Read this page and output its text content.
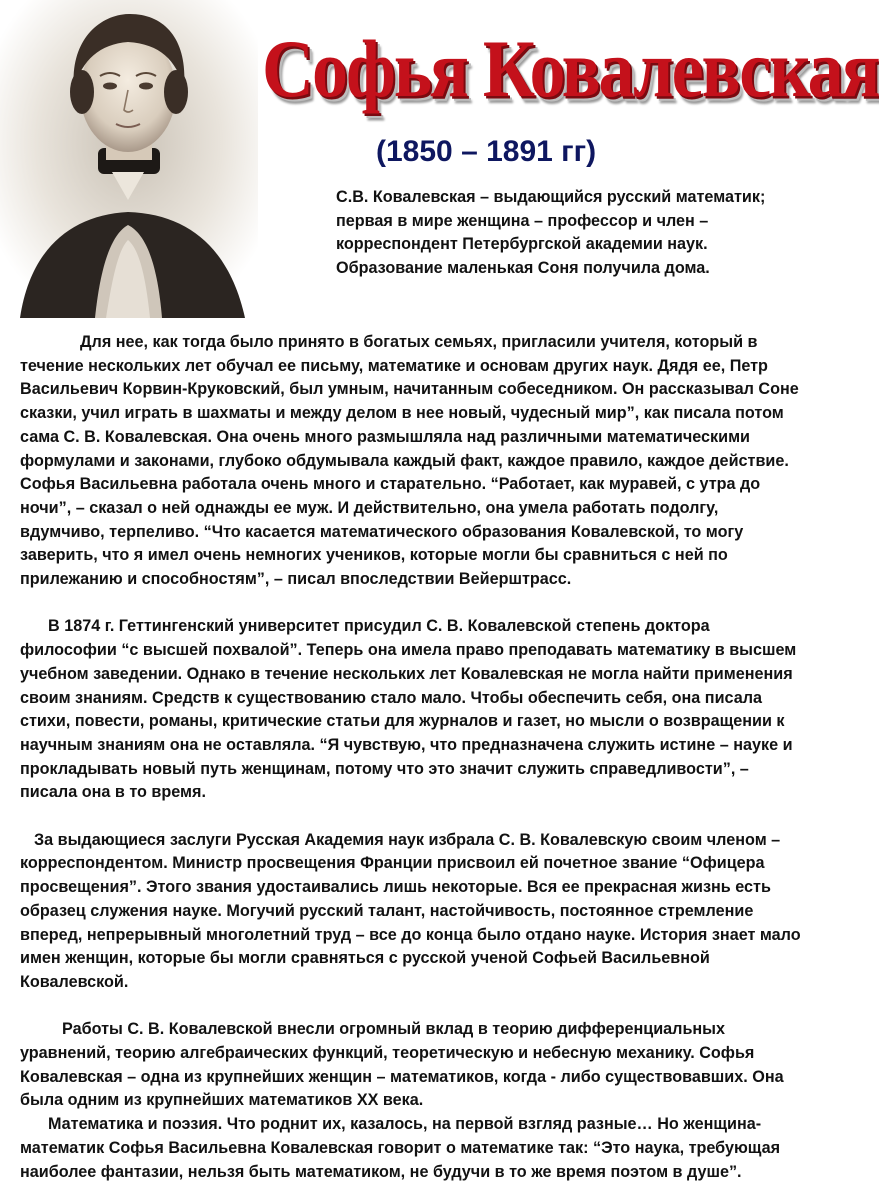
Софья Ковалевская
(1850 – 1891 гг)
С.В. Ковалевская – выдающийся русский математик; первая в мире женщина – профессор и член – корреспондент Петербургской академии наук. Образование маленькая Соня получила дома.

Для нее, как тогда было принято в богатых семьях, пригласили учителя, который в течение нескольких лет обучал ее письму, математике и основам других наук. Дядя ее, Петр Васильевич Корвин-Круковский, был умным, начитанным собеседником. Он рассказывал Соне сказки, учил играть в шахматы и между делом в нее новый, чудесный мир”, как писала потом сама С. В. Ковалевская. Она очень много размышляла над различными математическими формулами и законами, глубоко обдумывала каждый факт, каждое правило, каждое действие. Софья Васильевна работала очень много и старательно. “Работает, как муравей, с утра до ночи”, – сказал о ней однажды ее муж. И действительно, она умела работать подолгу, вдумчиво, терпеливо. “Что касается математического образования Ковалевской, то могу заверить, что я имел очень немногих учеников, которые могли бы сравниться с ней по прилежанию и способностям”, – писал впоследствии Вейерштрасс.

В 1874 г. Геттингенский университет присудил С. В. Ковалевской степень доктора философии “с высшей похвалой”. Теперь она имела право преподавать математику в высшем учебном заведении. Однако в течение нескольких лет Ковалевская не могла найти применения своим знаниям. Средств к существованию стало мало. Чтобы обеспечить себя, она писала стихи, повести, романы, критические статьи для журналов и газет, но мысли о возвращении к научным знаниям она не оставляла. “Я чувствую, что предназначена служить истине – науке и прокладывать новый путь женщинам, потому что это значит служить справедливости”, – писала она в то время.

За выдающиеся заслуги Русская Академия наук избрала С. В. Ковалевскую своим членом – корреспондентом. Министр просвещения Франции присвоил ей почетное звание “Офицера просвещения”. Этого звания удостаивались лишь некоторые. Вся ее прекрасная жизнь есть образец служения науке. Могучий русский талант, настойчивость, постоянное стремление вперед, непрерывный многолетний труд – все до конца было отдано науке. История знает мало имен женщин, которые бы могли сравняться с русской ученой Софьей Васильевной Ковалевской.

Работы С. В. Ковалевской внесли огромный вклад в теорию дифференциальных уравнений, теорию алгебраических функций, теоретическую и небесную механику. Софья Ковалевская – одна из крупнейших женщин – математиков, когда - либо существовавших. Она была одним из крупнейших математиков XX века.

Математика и поэзия. Что роднит их, казалось, на первой взгляд разные… Но женщина-математик Софья Васильевна Ковалевская говорит о математике так: “Это наука, требующая наиболее фантазии, нельзя быть математиком, не будучи в то же время поэтом в душе”.
